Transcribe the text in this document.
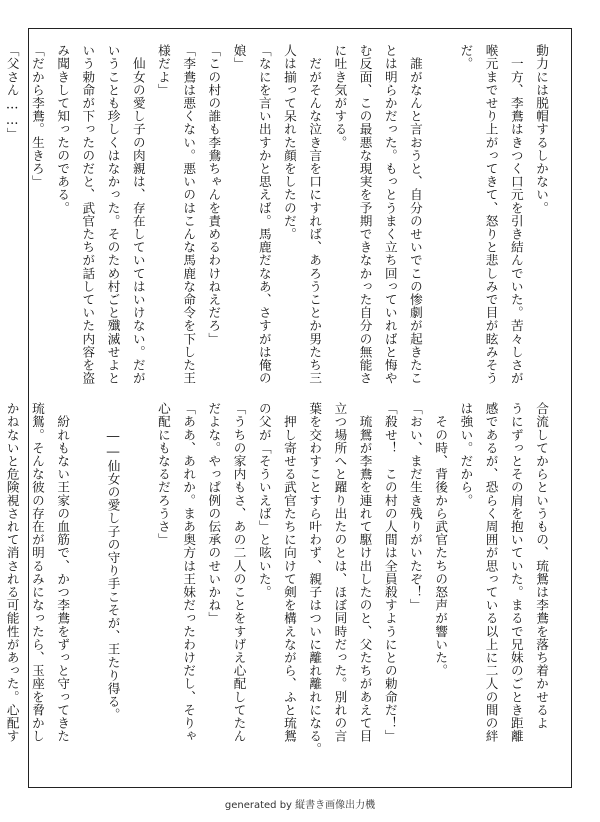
動力には脱帽するしかない。

　一方、李鴦はきつく口元を引き結んでいた。苦々しさが

喉元までせり上がってきて、怒りと悲しみで目が眩みそう

だ。

　誰がなんと言おうと、自分のせいでこの惨劇が起きたこ

とは明らかだった。もっとうまく立ち回っていればと悔や

む反面、この最悪な現実を予期できなかった自分の無能さ

に吐き気がする。

　だがそんな泣き言を口にすれば、あろうことか男たち三

人は揃って呆れた顔をしたのだ。

「なにを言い出すかと思えば。馬鹿だなあ、さすがは俺の

娘」

「この村の誰も李鴦ちゃんを責めるわけねえだろ」

「李鴦は悪くない。悪いのはこんな馬鹿な命令を下した王

様だよ」

　仙女の愛し子の肉親は、存在していてはいけない。だが

いうことも珍しくはなかった。そのため村ごと殲滅せよと

いう勅命が下ったのだと、武官たちが話していた内容を盗

み聞きして知ったのである。

「だから李鴦。生きろ」

「父さん……」

合流してからというもの、琉鴛は李鴦を落ち着かせるよ

うにずっとその肩を抱いていた。まるで兄妹のごとき距離

感であるが、恐らく周囲が思っている以上に二人の間の絆

は強い。だから。

　その時、背後から武官たちの怒声が響いた。

「おい、まだ生き残りがいたぞ！」

「殺せ！　この村の人間は全員殺すようにとの勅命だ！」

　琉鴛が李鴦を連れて駆け出したのと、父たちがあえて目

立つ場所へと躍り出たのとは、ほぼ同時だった。別れの言

葉を交わすことすら叶わず、親子はついに離れ離れになる。

　押し寄せる武官たちに向けて剣を構えながら、ふと琉鴛

の父が「そういえば」と呟いた。

「うちの家内もさ、あの二人のことをすげえ心配してたん

だよな。やっぱ例の伝承のせいかね」

「ああ、あれか。まあ奥方は王妹だったわけだし、そりゃ

心配にもなるだろうさ」

　　――仙女の愛し子の守り手こそが、王たり得る。

　紛れもない王家の血筋で、かつ李鴦をずっと守ってきた

琉鴛。そんな彼の存在が明るみになったら、玉座を脅かし

かねないと危険視されて消される可能性があった。心配す

generated by 縦書き画像出力機
